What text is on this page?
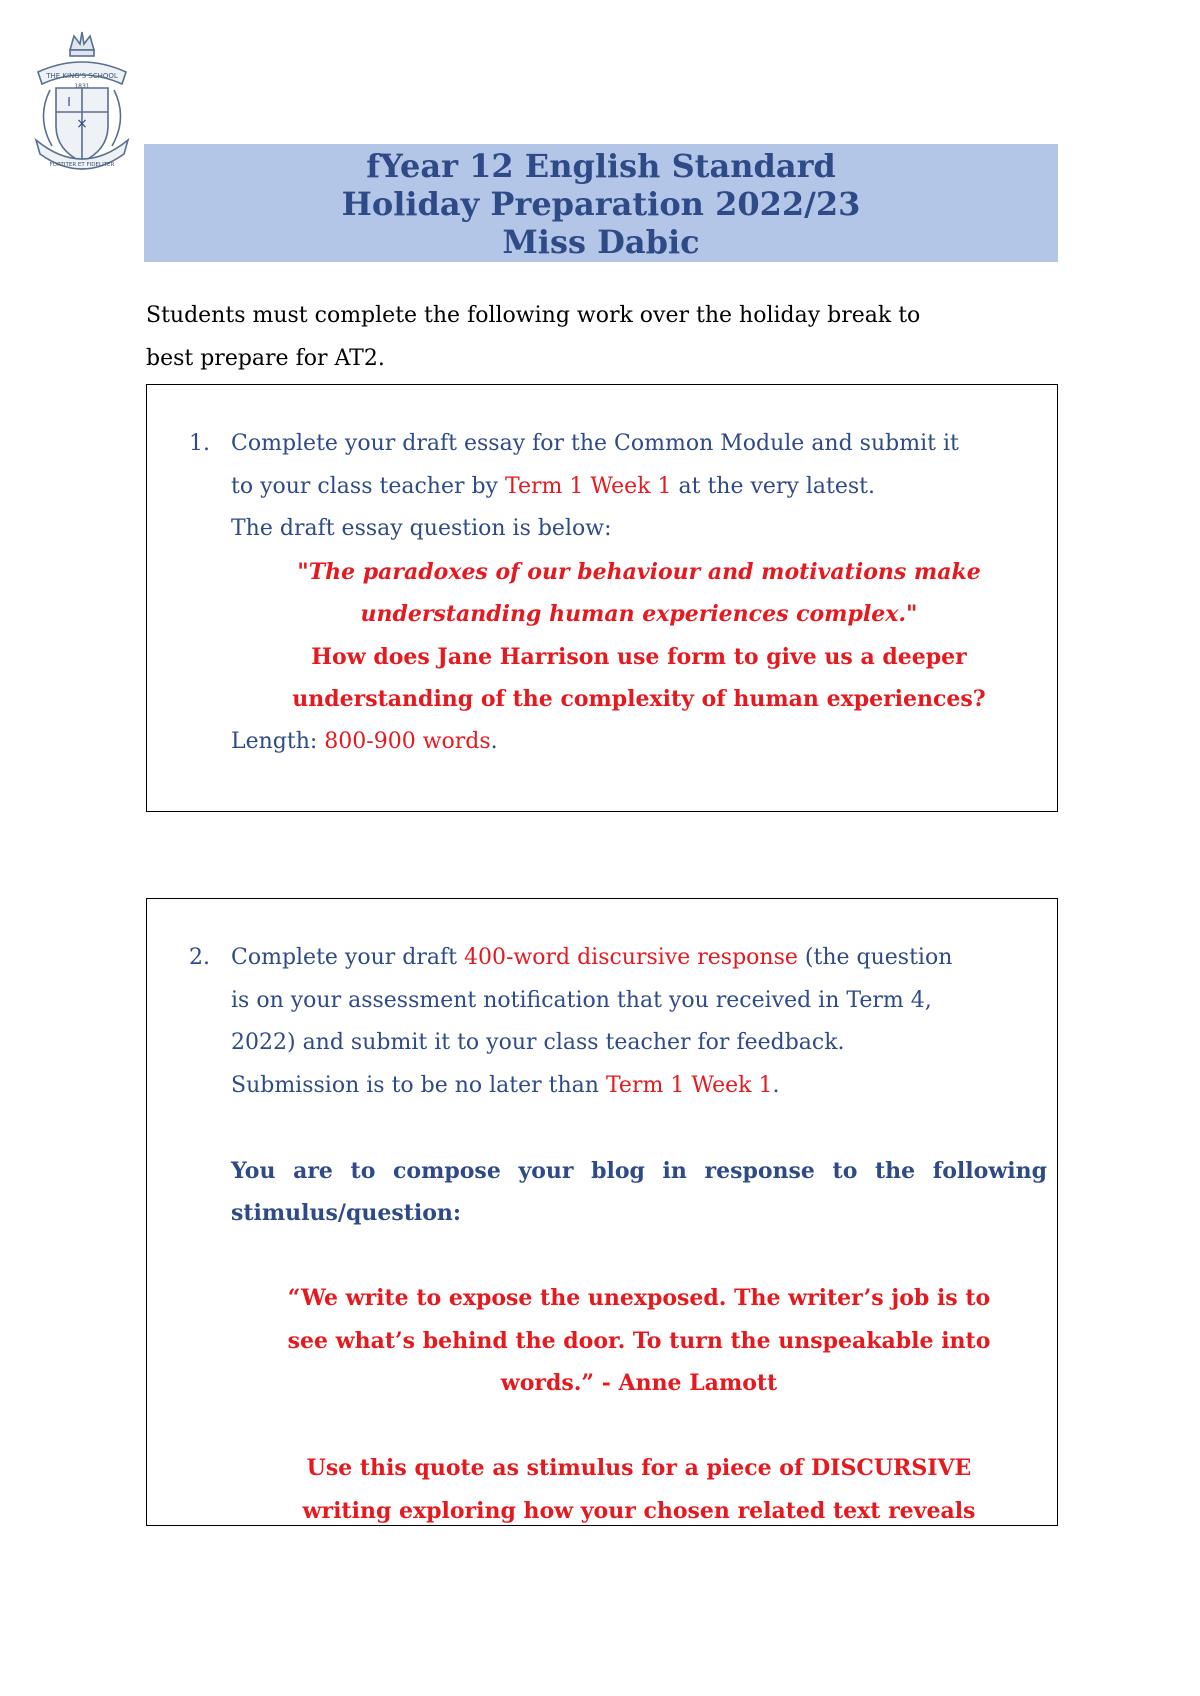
THE KING'S SCHOOL
1831
FORTITER ET FIDELITER
I
×
fYear 12 English Standard
Holiday Preparation 2022/23
Miss Dabic
Students must complete the following work over the holiday break to
best prepare for AT2.
1. Complete your draft essay for the Common Module and submit it
to your class teacher by Term 1 Week 1 at the very latest.
The draft essay question is below:
"The paradoxes of our behaviour and motivations make
understanding human experiences complex."
How does Jane Harrison use form to give us a deeper
understanding of the complexity of human experiences?
Length: 800-900 words.
2. Complete your draft 400-word discursive response (the question
is on your assessment notification that you received in Term 4,
2022) and submit it to your class teacher for feedback.
Submission is to be no later than Term 1 Week 1.
You are to compose your blog in response to the following
stimulus/question:
“We write to expose the unexposed. The writer’s job is to
see what’s behind the door. To turn the unspeakable into
words.” - Anne Lamott
Use this quote as stimulus for a piece of DISCURSIVE
writing exploring how your chosen related text reveals
